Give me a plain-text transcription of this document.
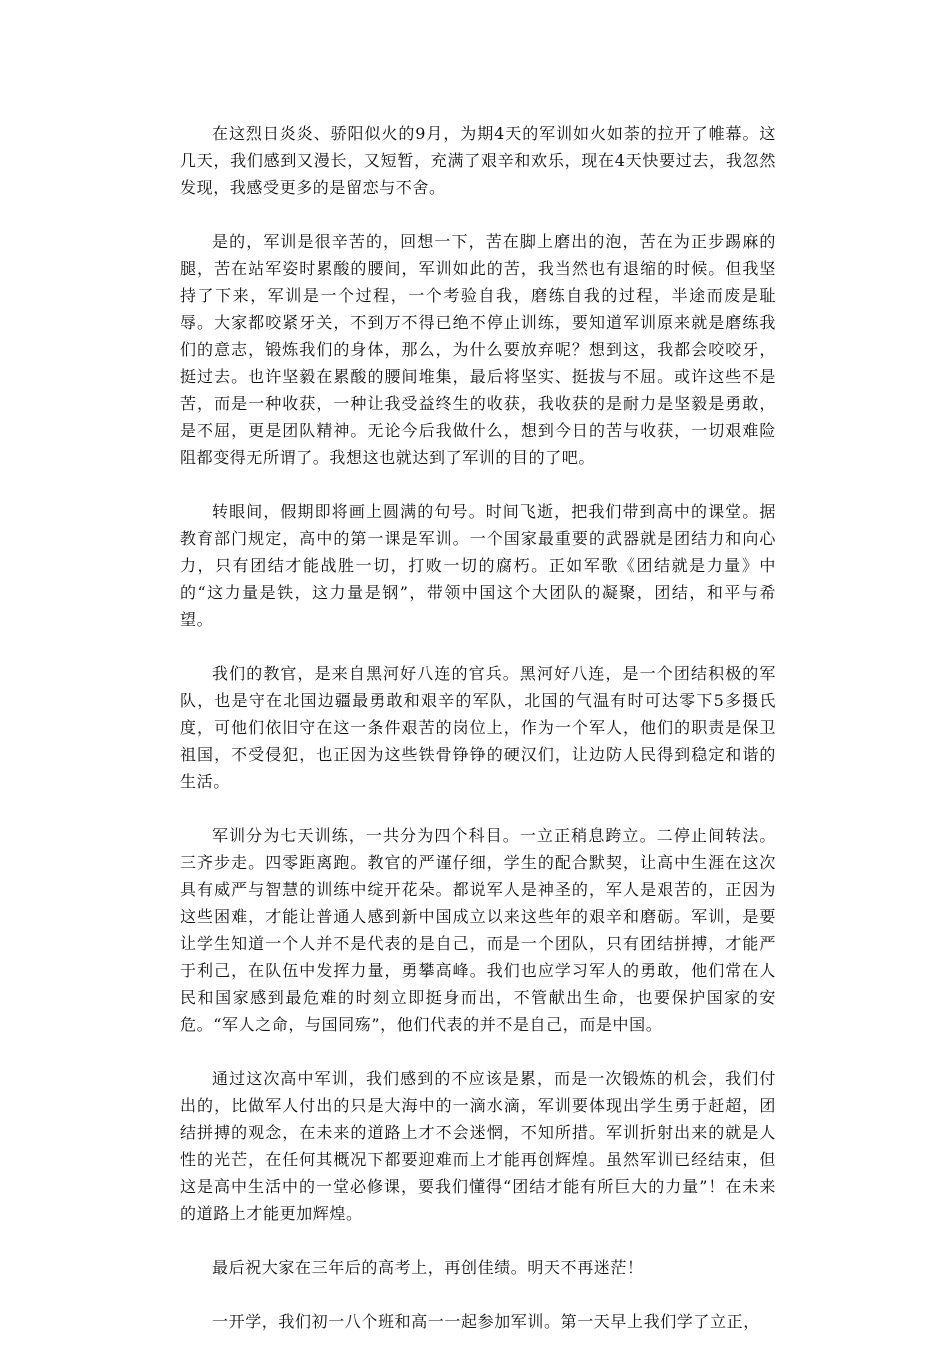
在这烈日炎炎、骄阳似火的9月，为期4天的军训如火如荼的拉开了帷幕。这几天，我们感到又漫长，又短暂，充满了艰辛和欢乐，现在4天快要过去，我忽然发现，我感受更多的是留恋与不舍。

是的，军训是很辛苦的，回想一下，苦在脚上磨出的泡，苦在为正步踢麻的腿，苦在站军姿时累酸的腰间，军训如此的苦，我当然也有退缩的时候。但我坚持了下来，军训是一个过程，一个考验自我，磨练自我的过程，半途而废是耻辱。大家都咬紧牙关，不到万不得已绝不停止训练，要知道军训原来就是磨练我们的意志，锻炼我们的身体，那么，为什么要放弃呢？想到这，我都会咬咬牙，挺过去。也许坚毅在累酸的腰间堆集，最后将坚实、挺拔与不屈。或许这些不是苦，而是一种收获，一种让我受益终生的收获，我收获的是耐力是坚毅是勇敢，是不屈，更是团队精神。无论今后我做什么，想到今日的苦与收获，一切艰难险阻都变得无所谓了。我想这也就达到了军训的目的了吧。

转眼间，假期即将画上圆满的句号。时间飞逝，把我们带到高中的课堂。据教育部门规定，高中的第一课是军训。一个国家最重要的武器就是团结力和向心力，只有团结才能战胜一切，打败一切的腐朽。正如军歌《团结就是力量》中的“这力量是铁，这力量是钢”，带领中国这个大团队的凝聚，团结，和平与希望。

我们的教官，是来自黑河好八连的官兵。黑河好八连，是一个团结积极的军队，也是守在北国边疆最勇敢和艰辛的军队，北国的气温有时可达零下5多摄氏度，可他们依旧守在这一条件艰苦的岗位上，作为一个军人，他们的职责是保卫祖国，不受侵犯，也正因为这些铁骨铮铮的硬汉们，让边防人民得到稳定和谐的生活。

军训分为七天训练，一共分为四个科目。一立正稍息跨立。二停止间转法。三齐步走。四零距离跑。教官的严谨仔细，学生的配合默契，让高中生涯在这次具有威严与智慧的训练中绽开花朵。都说军人是神圣的，军人是艰苦的，正因为这些困难，才能让普通人感到新中国成立以来这些年的艰辛和磨砺。军训，是要让学生知道一个人并不是代表的是自己，而是一个团队，只有团结拼搏，才能严于利己，在队伍中发挥力量，勇攀高峰。我们也应学习军人的勇敢，他们常在人民和国家感到最危难的时刻立即挺身而出，不管献出生命，也要保护国家的安危。“军人之命，与国同殇”，他们代表的并不是自己，而是中国。

通过这次高中军训，我们感到的不应该是累，而是一次锻炼的机会，我们付出的，比做军人付出的只是大海中的一滴水滴，军训要体现出学生勇于赶超，团结拼搏的观念，在未来的道路上才不会迷惘，不知所措。军训折射出来的就是人性的光芒，在任何其概况下都要迎难而上才能再创辉煌。虽然军训已经结束，但这是高中生活中的一堂必修课，要我们懂得“团结才能有所巨大的力量”！在未来的道路上才能更加辉煌。

最后祝大家在三年后的高考上，再创佳绩。明天不再迷茫！

一开学，我们初一八个班和高一一起参加军训。第一天早上我们学了立正，
